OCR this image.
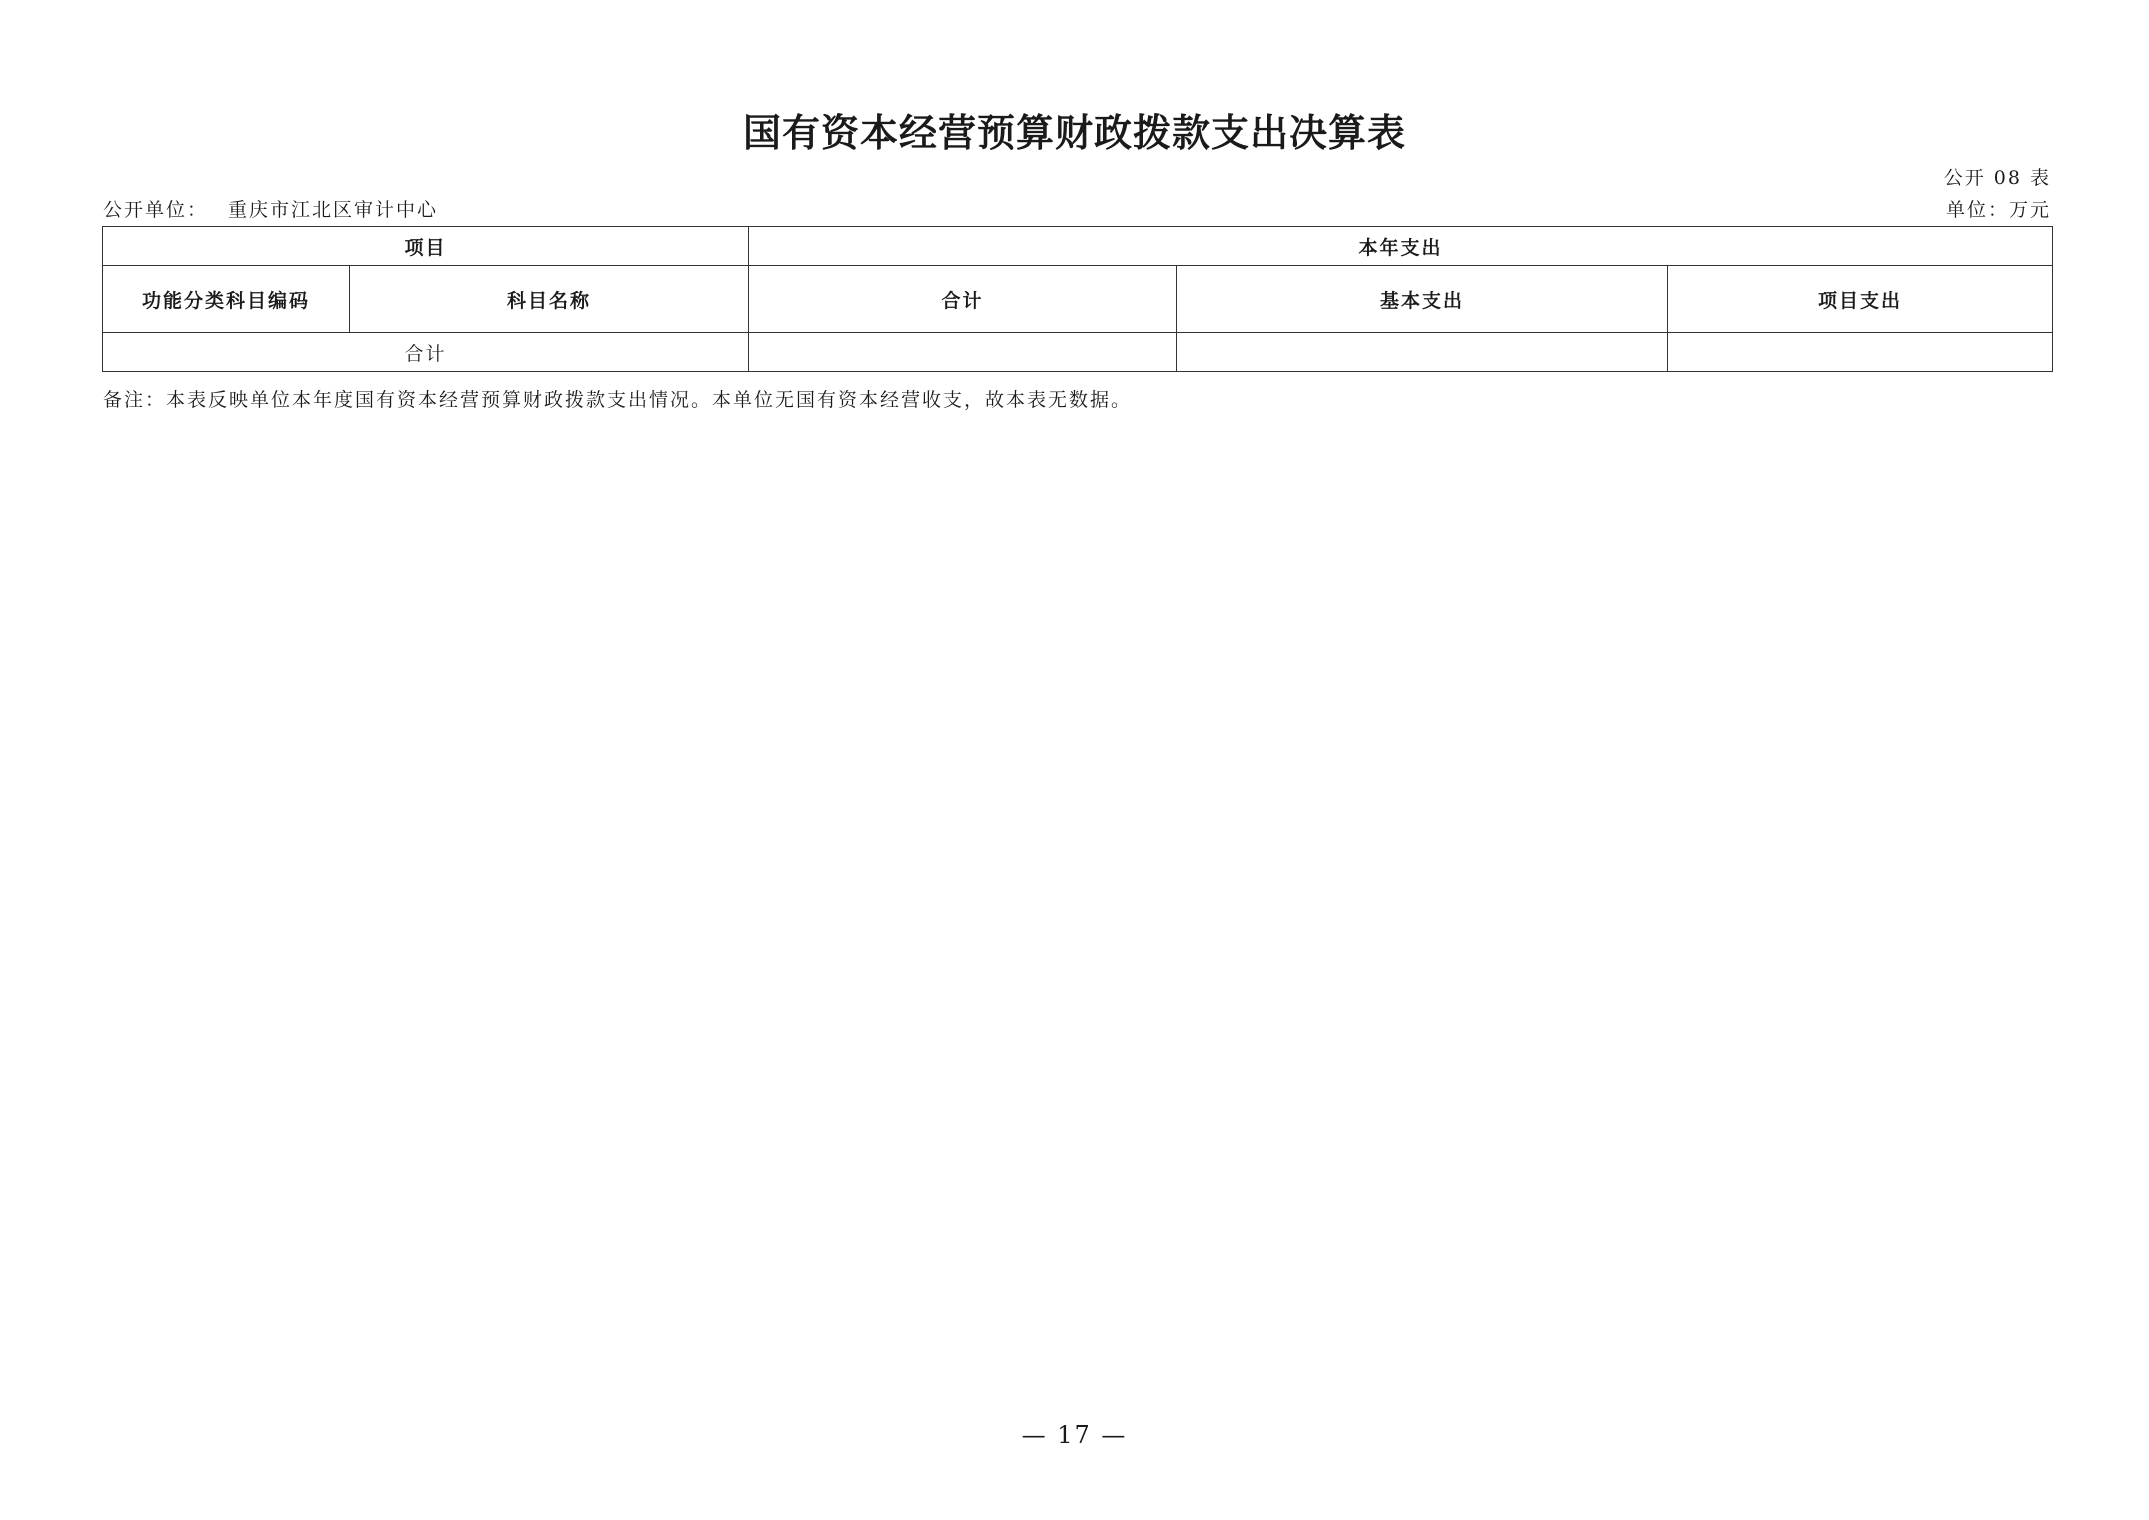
国有资本经营预算财政拨款支出决算表
公开 08 表
公开单位： 重庆市江北区审计中心	单位：万元
项目		本年支出		
功能分类科目编码	科目名称	合计	基本支出	项目支出
合计				
备注：本表反映单位本年度国有资本经营预算财政拨款支出情况。本单位无国有资本经营收支，故本表无数据。
— 17 —
